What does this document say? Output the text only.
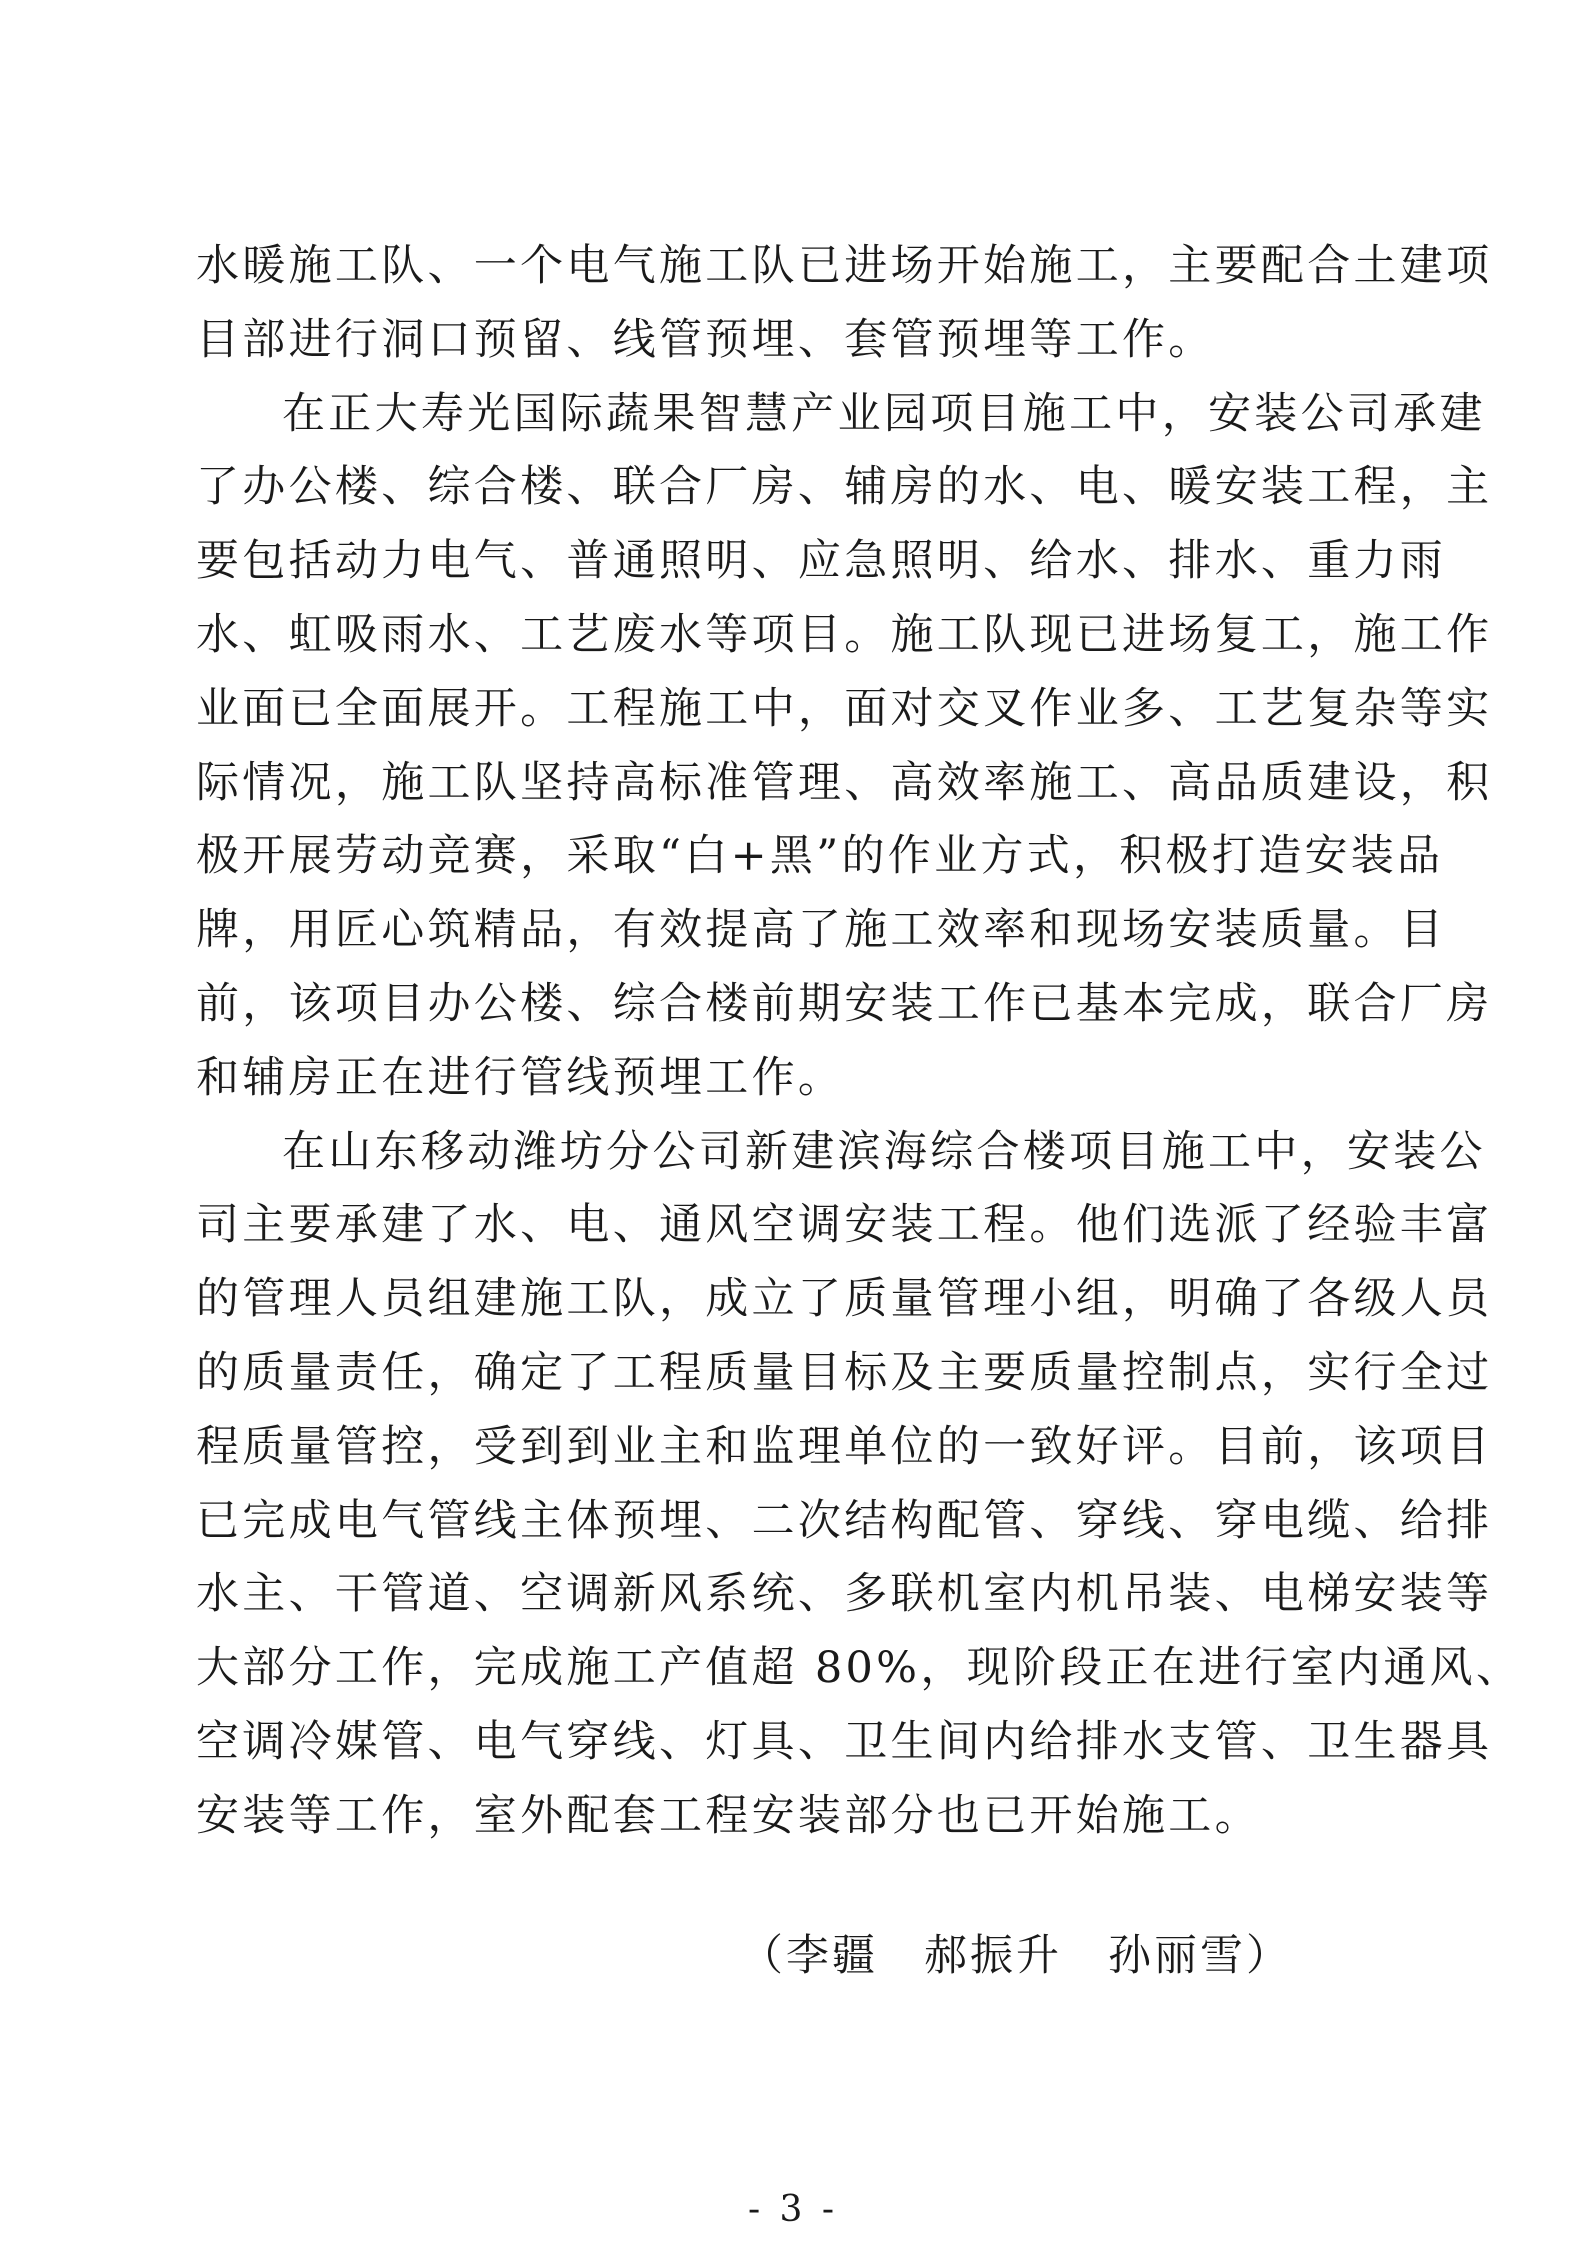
水暖施工队、一个电气施工队已进场开始施工，主要配合土建项
目部进行洞口预留、线管预埋、套管预埋等工作。
在正大寿光国际蔬果智慧产业园项目施工中，安装公司承建
了办公楼、综合楼、联合厂房、辅房的水、电、暖安装工程，主
要包括动力电气、普通照明、应急照明、给水、排水、重力雨
水、虹吸雨水、工艺废水等项目。施工队现已进场复工，施工作
业面已全面展开。工程施工中，面对交叉作业多、工艺复杂等实
际情况，施工队坚持高标准管理、高效率施工、高品质建设，积
极开展劳动竞赛，采取“白+黑”的作业方式，积极打造安装品
牌，用匠心筑精品，有效提高了施工效率和现场安装质量。目
前，该项目办公楼、综合楼前期安装工作已基本完成，联合厂房
和辅房正在进行管线预埋工作。
在山东移动潍坊分公司新建滨海综合楼项目施工中，安装公
司主要承建了水、电、通风空调安装工程。他们选派了经验丰富
的管理人员组建施工队，成立了质量管理小组，明确了各级人员
的质量责任，确定了工程质量目标及主要质量控制点，实行全过
程质量管控，受到到业主和监理单位的一致好评。目前，该项目
已完成电气管线主体预埋、二次结构配管、穿线、穿电缆、给排
水主、干管道、空调新风系统、多联机室内机吊装、电梯安装等
大部分工作，完成施工产值超 80%，现阶段正在进行室内通风、
空调冷媒管、电气穿线、灯具、卫生间内给排水支管、卫生器具
安装等工作，室外配套工程安装部分也已开始施工。
（李疆　郝振升　孙丽雪）
- 3 -
